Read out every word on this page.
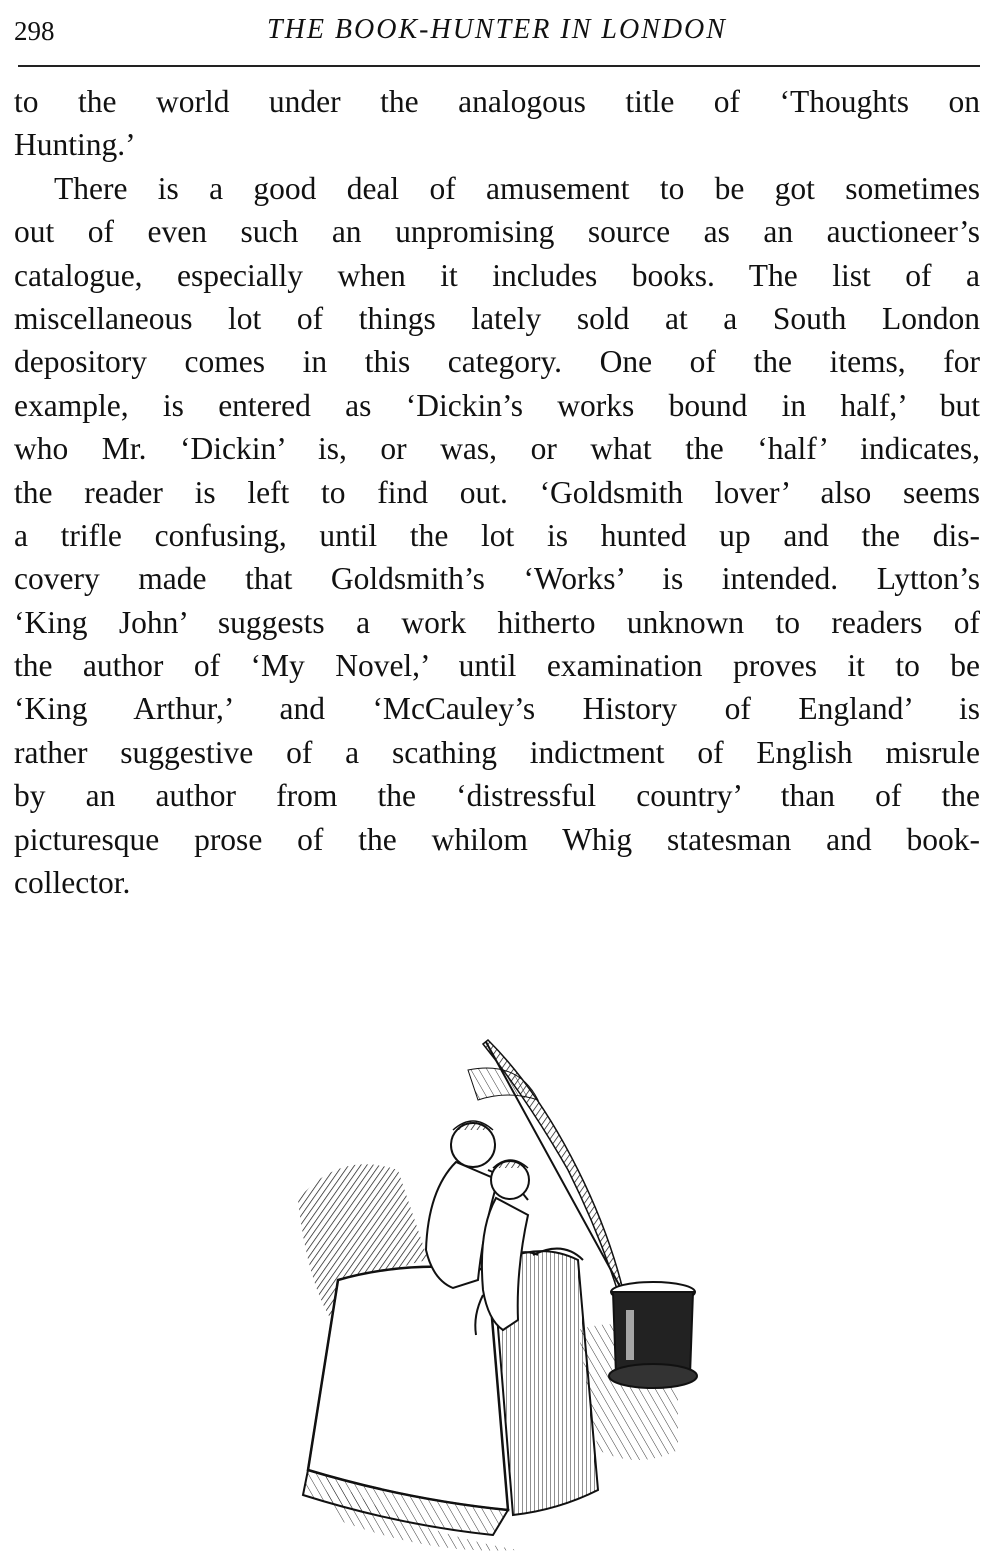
298	THE BOOK-HUNTER IN LONDON
to the world under the analogous title of ‘Thoughts on
Hunting.’
There is a good deal of amusement to be got sometimes
out of even such an unpromising source as an auctioneer’s
catalogue, especially when it includes books. The list of a
miscellaneous lot of things lately sold at a South London
depository comes in this category. One of the items, for
example, is entered as ‘Dickin’s works bound in half,’ but
who Mr. ‘Dickin’ is, or was, or what the ‘half’ indicates,
the reader is left to find out. ‘Goldsmith lover’ also seems
a trifle confusing, until the lot is hunted up and the dis-
covery made that Goldsmith’s ‘Works’ is intended. Lytton’s
‘King John’ suggests a work hitherto unknown to readers of
the author of ‘My Novel,’ until examination proves it to be
‘King Arthur,’ and ‘McCauley’s History of England’ is
rather suggestive of a scathing indictment of English misrule
by an author from the ‘distressful country’ than of the
picturesque prose of the whilom Whig statesman and book-
collector.
